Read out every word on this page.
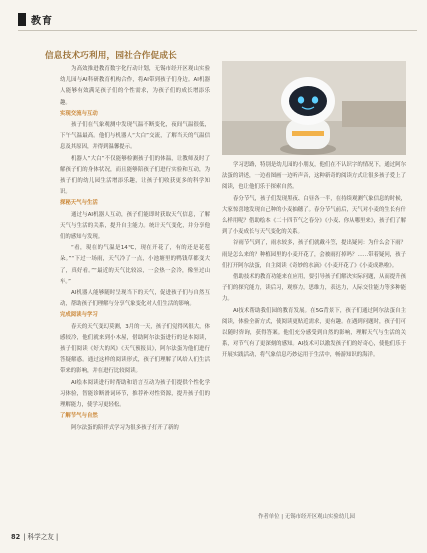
教育
信息技术巧利用，园社合作促成长

为高效推进教育数字化行动计划，无锡市经开区观山实验幼儿园与AI科研教育机构合作，将AI带到孩子们身边。AI机器人能够有效满足孩子们的个性需求，为孩子们的成长增添乐趣。

实现交流与互动

孩子们在气象观测中发现气温不断变化，夜间气温很低，下午气温最高。他们与机器人“大白”交流，了解当天的气温信息及其原因，并得到温馨提示。

机器人“大白”不仅能够检测孩子们的体温，让教师及时了解孩子们的身体状况，而且能够陪孩子们进行实验和互动，为孩子们的幼儿园生活增添乐趣，让孩子们收获更多的科学知识。

探秘天气与生活

通过与AI机器人互动，孩子们能即时获取天气信息，了解天气与生活的关系，提升自主能力。统计天气变化，并分享他们的感知与发现。

“看，現在的气温是14℃，现在开花了，有的还是花苞朵。”“下过一场雨，天气冷了一点，小池塘里的鸭钱草都变大了，真好看。”“最近的天气比较凉，一会热一会冷，像坐过山车。”

AI机器人能够随时呈现当下的天气，促进孩子们与自然互动，帮助孩子们理解与分享气象变化对人们生活的影响。

完成阅读与学习

春天的天气变幻莫测，3月的一天，孩子们觉得风很大，体感较冷，他们就来到小木屋，借助阿尔法蛋进行的是本阅读，孩子们阅读《好大的风》《天气预报员》，阿尔法蛋为他们进行答疑解惑。通过这样的阅读形式，孩子们理解了风给人们生活带来的影响，并在进行比较阅读。

AI绘本阅读进行时帮助和语言互动为孩子们提供个性化学习体验，智能诊断滑词环节，推荐补对性资源，提升孩子们的理解能力，使学习更轻松。

了解节气与自然

阿尔法蛋的陪伴式学习为很多孩子打开了新的

学习思路，特别是幼儿园的小朋友，他们在不认识字的情况下，通过阿尔法蛋的讲述，一边看图画一边听声音，这种新奇的阅读方式让很多孩子爱上了阅读，也让他们乐于探索自然。

春分节气，孩子们发现黑夜、白昼各一半，在持续观测气象信息的时候，大家惊喜地发现自己种的小麦抽穗了。春分节气前后，天气对小麦的生长有什么样用呢？借助绘本《二十四节气之春分》《小麦、你从哪里来》，孩子们了解到了小麦成长与天气变化的关系。

谷雨节气到了，雨水较多，孩子们就戴斗笠，提出疑问：为什么会下雨？雨是怎么来的？种植园里的小麦开花了，会被雨打掉吗？……带着疑问，孩子们打开阿尔法蛋，自主阅读《奇妙的水滴》《小麦开花了》《小麦成熟啦》。

借助技术的教育功能来在应用，要引导孩子们解决实际问题，从而提升孩子们的探究能力，读后习，观察力，思维力，表达力，人际交往能力等多种能力。

AI技术帮助我们园的教育发展。在5G背景下，孩子们通过阿尔法蛋自主阅读，体验全新方式，使阅读更贴近需求，更有趣。在遇到问题时，孩子们可以随时咨询，获得答案。他们充分感受到自然的影响，理解天气与生活的关系，对节气有了更深刻的感知。AI技术可以激发孩子们的好奇心，使他们乐于开展实践活动，将气象信息巧妙运用于生活中，畅游知识的海洋。

作者单位 | 无锡市经开区观山实验幼儿园
82 | 科学之友 |
